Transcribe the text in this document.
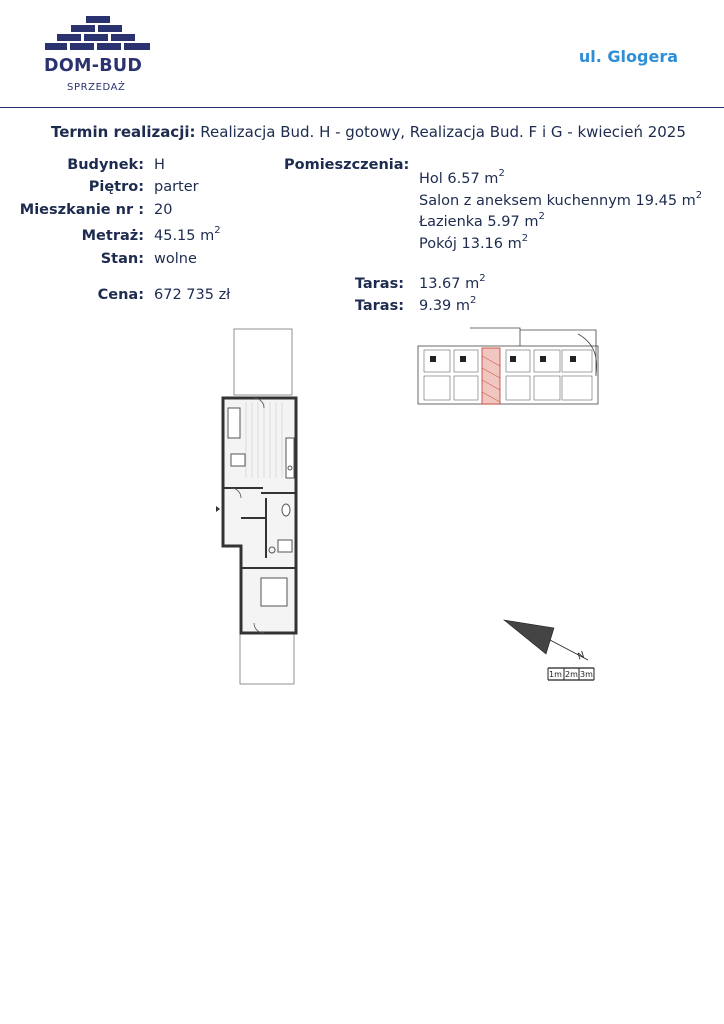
DOM-BUD
SPRZEDAŻ
ul. Glogera
Termin realizacji: Realizacja Bud. H - gotowy, Realizacja Bud. F i G - kwiecień 2025
Budynek: H
Piętro: parter
Mieszkanie nr : 20
Metraż: 45.15 $m^2$
Stan: wolne
Cena: 672 735 zł
Pomieszczenia:
Hol 6.57 $m^2$
Salon z aneksem kuchennym 19.45 $m^2$
Łazienka 5.97 $m^2$
Pokój 13.16 $m^2$
Taras: 13.67 $m^2$
Taras: 9.39 $m^2$
N
1m 2m 3m
